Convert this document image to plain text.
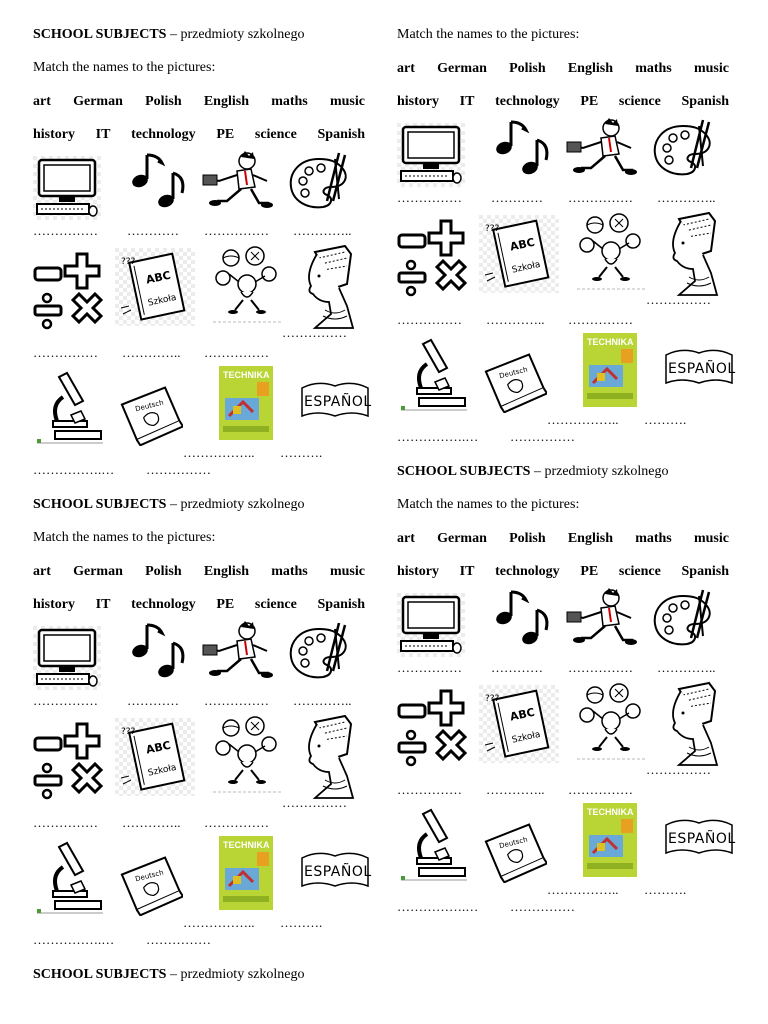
SCHOOL SUBJECTS – przedmioty szkolnego
Match the names to the pictures:
art German Polish English maths music
history IT technology PE science Spanish
…………… ………… …………… …………..
ABC
Szkoła
???
……………
…………… ………….. ……………
Deutsch
TECHNIKA
ESPAÑOL
…………….. ……….
…………….… ……………
SCHOOL SUBJECTS – przedmioty szkolnego
Match the names to the pictures:
art German Polish English maths music
history IT technology PE science Spanish
…………… ………… …………… …………..
ABC
Szkoła
???
……………
…………… ………….. ……………
Deutsch
TECHNIKA
ESPAÑOL
…………….. ……….
…………….… ……………
SCHOOL SUBJECTS – przedmioty szkolnego
Match the names to the pictures:
art German Polish English maths music
history IT technology PE science Spanish
…………… ………… …………… …………..
ABC
Szkoła
???
……………
…………… ………….. ……………
Deutsch
TECHNIKA
ESPAÑOL
…………….. ……….
…………….… ……………
Match the names to the pictures:
art German Polish English maths music
history IT technology PE science Spanish
…………… ………… …………… …………..
ABC
Szkoła
???
……………
…………… ………….. ……………
Deutsch
TECHNIKA
ESPAÑOL
…………….. ……….
…………….… ……………
SCHOOL SUBJECTS – przedmioty szkolnego
